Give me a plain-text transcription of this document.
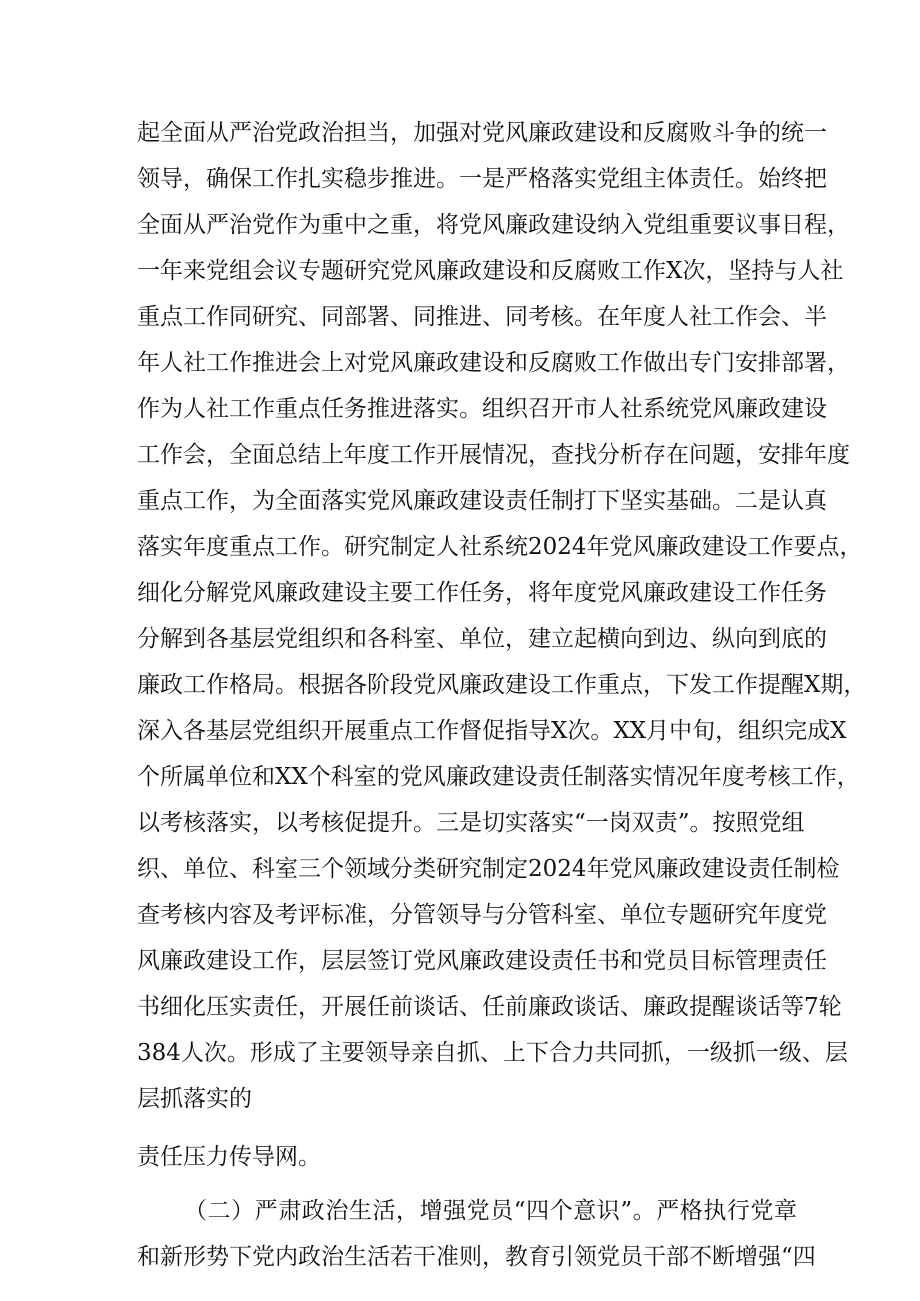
起全面从严治党政治担当，加强对党风廉政建设和反腐败斗争的统一
领导，确保工作扎实稳步推进。一是严格落实党组主体责任。始终把
全面从严治党作为重中之重，将党风廉政建设纳入党组重要议事日程，
一年来党组会议专题研究党风廉政建设和反腐败工作X次，坚持与人社
重点工作同研究、同部署、同推进、同考核。在年度人社工作会、半
年人社工作推进会上对党风廉政建设和反腐败工作做出专门安排部署，
作为人社工作重点任务推进落实。组织召开市人社系统党风廉政建设
工作会，全面总结上年度工作开展情况，查找分析存在问题，安排年度
重点工作，为全面落实党风廉政建设责任制打下坚实基础。二是认真
落实年度重点工作。研究制定人社系统2024年党风廉政建设工作要点，
细化分解党风廉政建设主要工作任务，将年度党风廉政建设工作任务
分解到各基层党组织和各科室、单位，建立起横向到边、纵向到底的
廉政工作格局。根据各阶段党风廉政建设工作重点，下发工作提醒X期，
深入各基层党组织开展重点工作督促指导X次。XX月中旬，组织完成X
个所属单位和XX个科室的党风廉政建设责任制落实情况年度考核工作，
以考核落实，以考核促提升。三是切实落实“一岗双责”。按照党组
织、单位、科室三个领域分类研究制定2024年党风廉政建设责任制检
查考核内容及考评标准，分管领导与分管科室、单位专题研究年度党
风廉政建设工作，层层签订党风廉政建设责任书和党员目标管理责任
书细化压实责任，开展任前谈话、任前廉政谈话、廉政提醒谈话等7轮
384人次。形成了主要领导亲自抓、上下合力共同抓，一级抓一级、层
层抓落实的
责任压力传导网。
（二）严肃政治生活，增强党员“四个意识”。严格执行党章
和新形势下党内政治生活若干准则，教育引领党员干部不断增强“四
